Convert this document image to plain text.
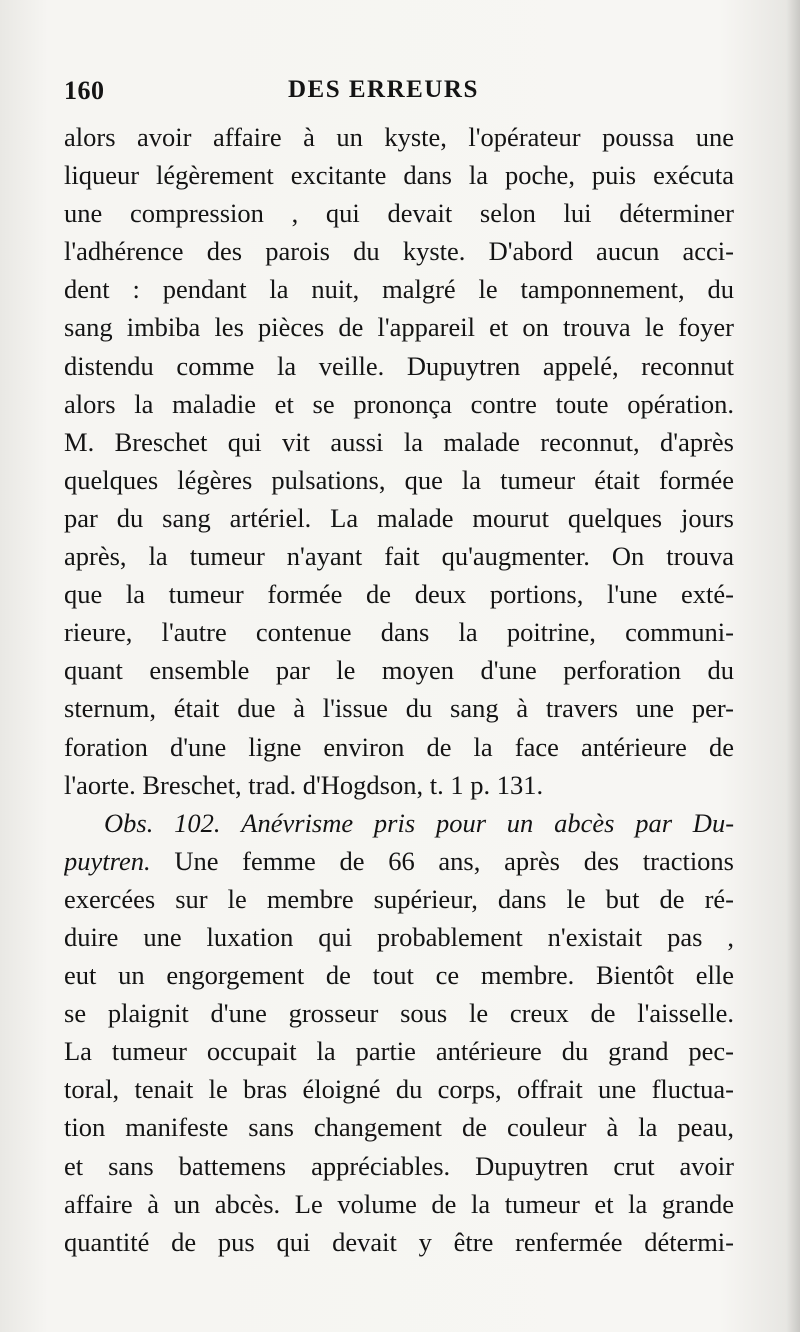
160	DES ERREURS
alors avoir affaire à un kyste, l'opérateur poussa une
liqueur légèrement excitante dans la poche, puis exécuta
une compression , qui devait selon lui déterminer
l'adhérence des parois du kyste. D'abord aucun acci-
dent : pendant la nuit, malgré le tamponnement, du
sang imbiba les pièces de l'appareil et on trouva le foyer
distendu comme la veille. Dupuytren appelé, reconnut
alors la maladie et se prononça contre toute opération.
M. Breschet qui vit aussi la malade reconnut, d'après
quelques légères pulsations, que la tumeur était formée
par du sang artériel. La malade mourut quelques jours
après, la tumeur n'ayant fait qu'augmenter. On trouva
que la tumeur formée de deux portions, l'une exté-
rieure, l'autre contenue dans la poitrine, communi-
quant ensemble par le moyen d'une perforation du
sternum, était due à l'issue du sang à travers une per-
foration d'une ligne environ de la face antérieure de
l'aorte. Breschet, trad. d'Hogdson, t. 1 p. 131.
Obs. 102. Anévrisme pris pour un abcès par Du-
puytren. Une femme de 66 ans, après des tractions
exercées sur le membre supérieur, dans le but de ré-
duire une luxation qui probablement n'existait pas ,
eut un engorgement de tout ce membre. Bientôt elle
se plaignit d'une grosseur sous le creux de l'aisselle.
La tumeur occupait la partie antérieure du grand pec-
toral, tenait le bras éloigné du corps, offrait une fluctua-
tion manifeste sans changement de couleur à la peau,
et sans battemens appréciables. Dupuytren crut avoir
affaire à un abcès. Le volume de la tumeur et la grande
quantité de pus qui devait y être renfermée détermi-
